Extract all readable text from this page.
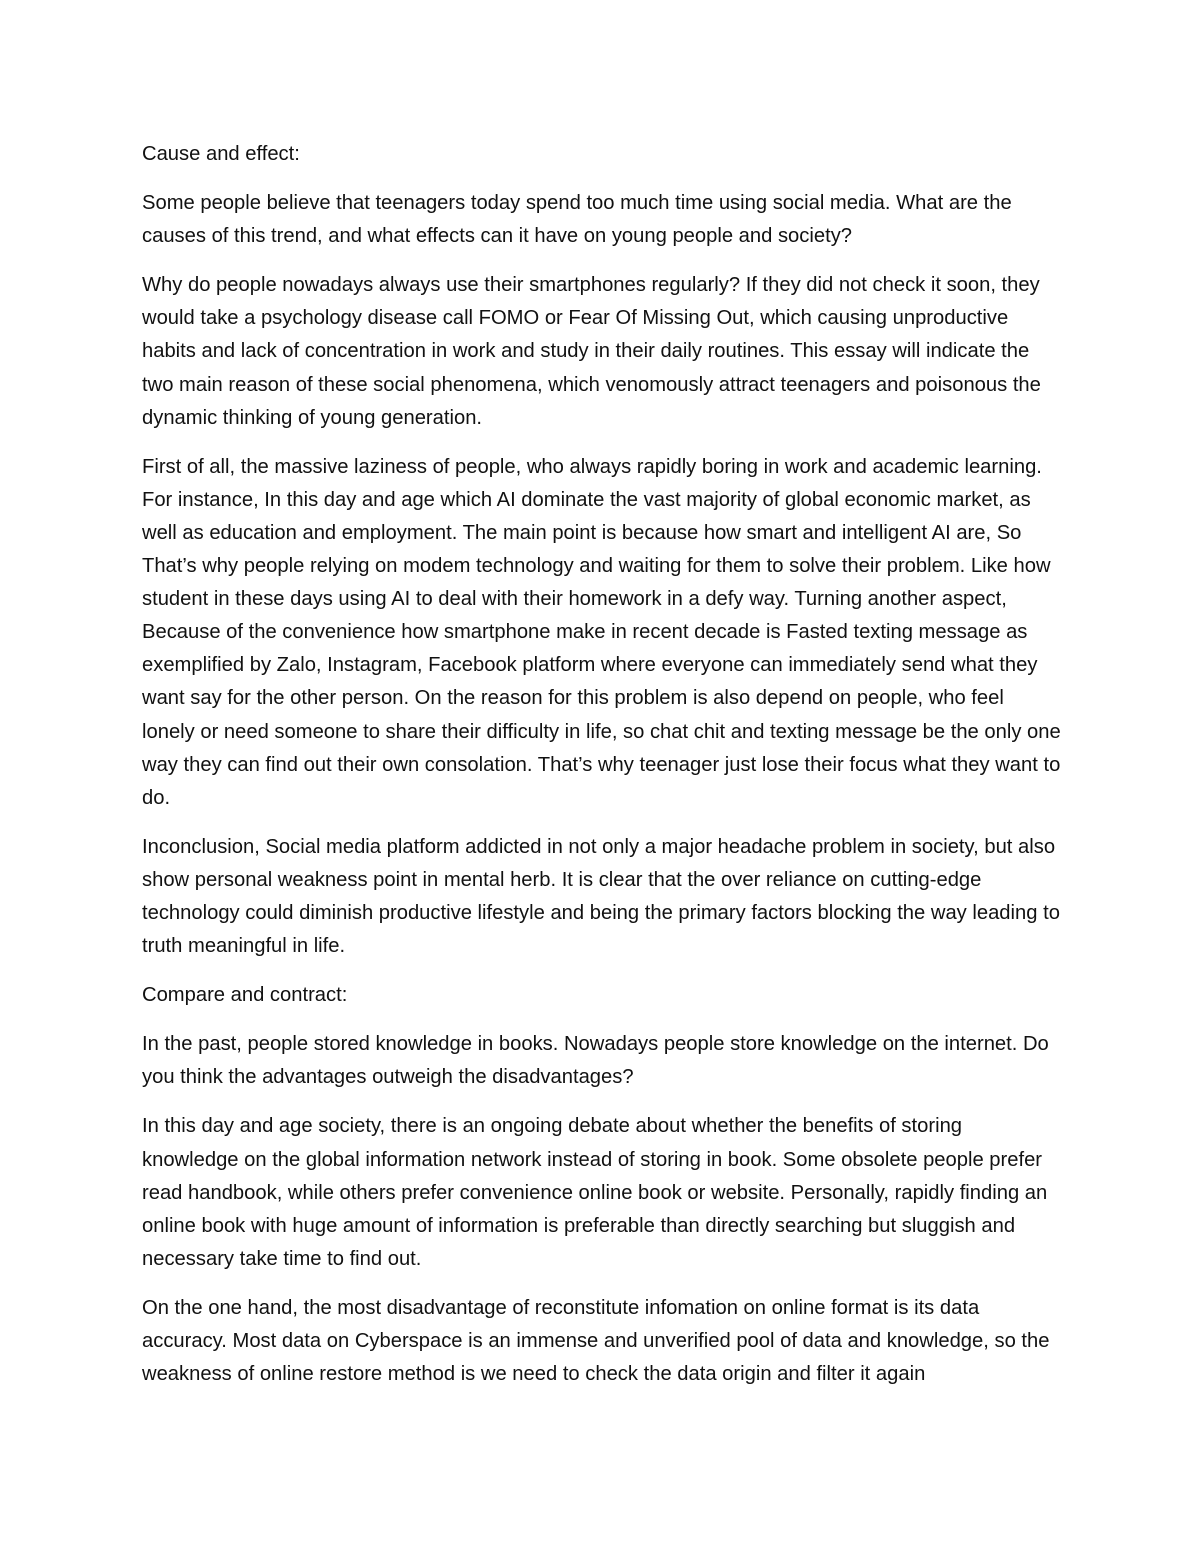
Cause and effect:

Some people believe that teenagers today spend too much time using social media. What are the causes of this trend, and what effects can it have on young people and society?

Why do people nowadays always use their smartphones regularly? If they did not check it soon, they would take a psychology disease call FOMO or Fear Of Missing Out, which causing unproductive habits and lack of concentration in work and study in their daily routines. This essay will indicate the two main reason of these social phenomena, which venomously attract teenagers and poisonous the dynamic thinking of young generation.

First of all, the massive laziness of people, who always rapidly boring in work and academic learning. For instance, In this day and age which AI dominate the vast majority of global economic market, as well as education and employment. The main point is because how smart and intelligent AI are, So That’s why people relying on modem technology and waiting for them to solve their problem. Like how student in these days using AI to deal with their homework in a defy way. Turning another aspect, Because of the convenience how smartphone make in recent decade is Fasted texting message as exemplified by Zalo, Instagram, Facebook platform where everyone can immediately send what they want say for the other person. On the reason for this problem is also depend on people, who feel lonely or need someone to share their difficulty in life, so chat chit and texting message be the only one way they can find out their own consolation. That’s why teenager just lose their focus what they want to do.

Inconclusion, Social media platform addicted in not only a major headache problem in society, but also show personal weakness point in mental herb. It is clear that the over reliance on cutting-edge technology could diminish productive lifestyle and being the primary factors blocking the way leading to truth meaningful in life.

Compare and contract:

In the past, people stored knowledge in books. Nowadays people store knowledge on the internet. Do you think the advantages outweigh the disadvantages?

In this day and age society, there is an ongoing debate about whether the benefits of storing knowledge on the global information network instead of storing in book. Some obsolete people prefer read handbook, while others prefer convenience online book or website. Personally, rapidly finding an online book with huge amount of information is preferable than directly searching but sluggish and necessary take time to find out.

On the one hand, the most disadvantage of reconstitute infomation on online format is its data accuracy. Most data on Cyberspace is an immense and unverified pool of data and knowledge, so the weakness of online restore method is we need to check the data origin and filter it again
